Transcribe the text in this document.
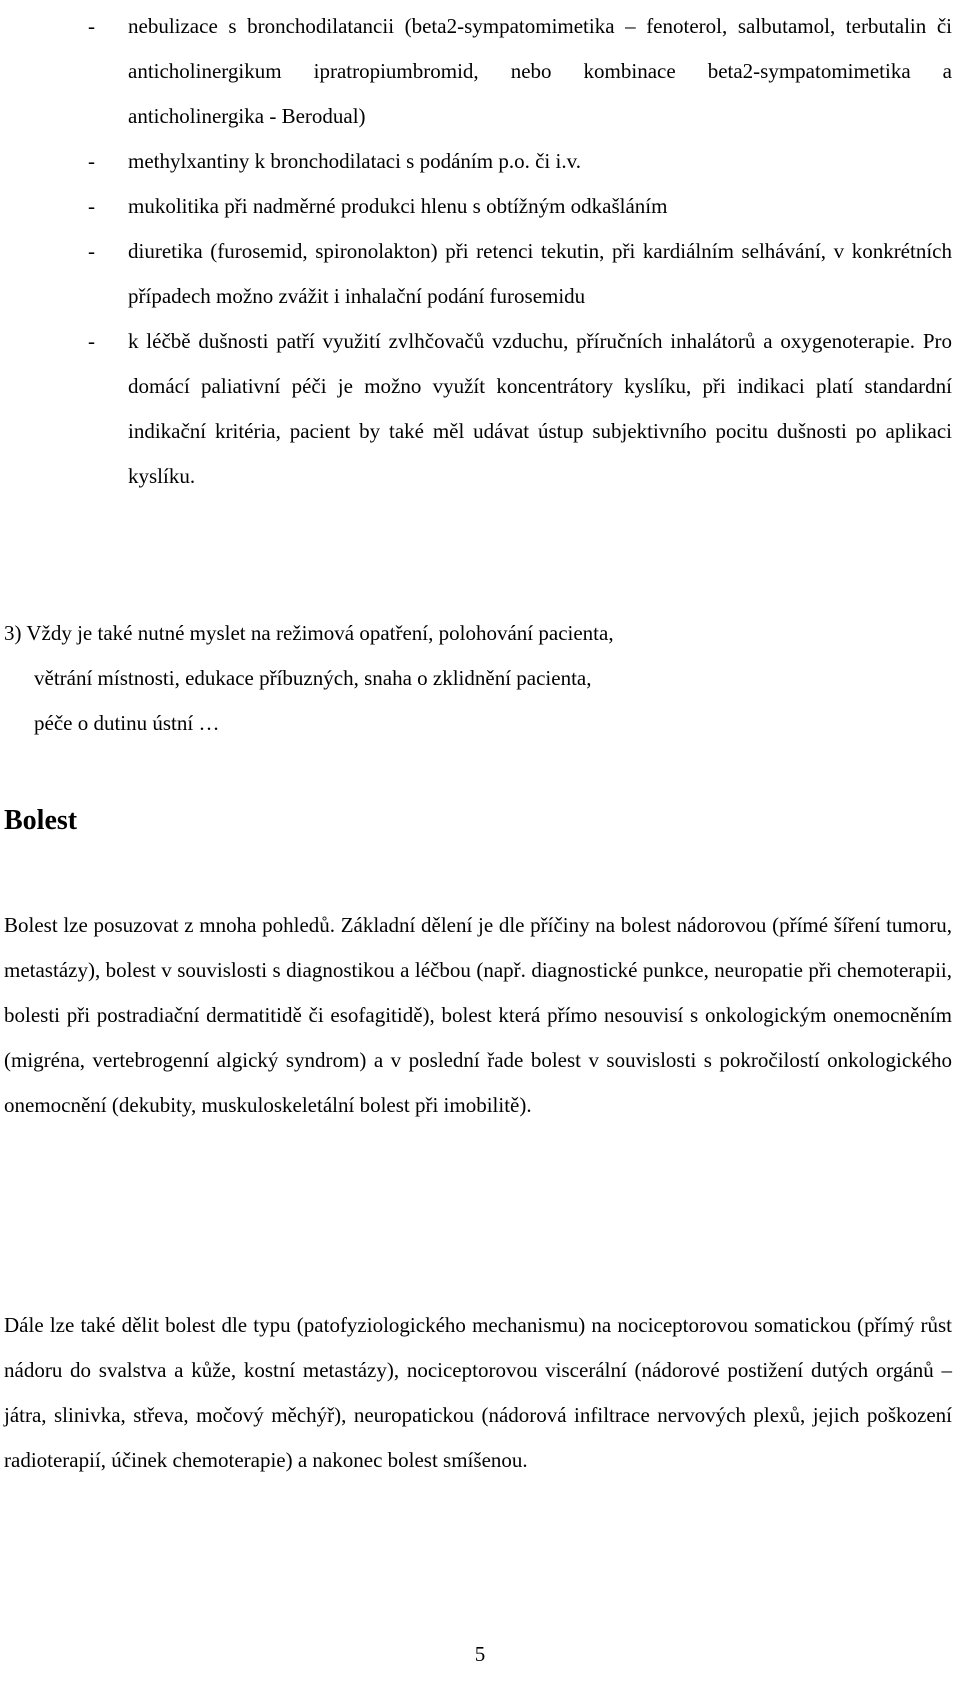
- nebulizace s bronchodilatancii (beta2-sympatomimetika – fenoterol, salbutamol, terbutalin či anticholinergikum ipratropiumbromid, nebo kombinace beta2-sympatomimetika a anticholinergika - Berodual)
- methylxantiny k bronchodilataci s podáním p.o. či i.v.
- mukolitika při nadměrné produkci hlenu s obtížným odkašláním
- diuretika (furosemid, spironolakton) při retenci tekutin, při kardiálním selhávání, v konkrétních případech možno zvážit i inhalační podání furosemidu
- k léčbě dušnosti patří využití zvlhčovačů vzduchu, příručních inhalátorů a oxygenoterapie. Pro domácí paliativní péči je možno využít koncentrátory kyslíku, při indikaci platí standardní indikační kritéria, pacient by také měl udávat ústup subjektivního pocitu dušnosti po aplikaci kyslíku.
3) Vždy je také nutné myslet na režimová opatření, polohování pacienta,
větrání místnosti, edukace příbuzných, snaha o zklidnění pacienta,
péče o dutinu ústní …
Bolest

Bolest lze posuzovat z mnoha pohledů. Základní dělení je dle příčiny na bolest nádorovou (přímé šíření tumoru, metastázy), bolest v souvislosti s diagnostikou a léčbou (např. diagnostické punkce, neuropatie při chemoterapii, bolesti při postradiační dermatitidě či esofagitidě), bolest která přímo nesouvisí s onkologickým onemocněním (migréna, vertebrogenní algický syndrom) a v poslední řade bolest v souvislosti s pokročilostí onkologického onemocnění (dekubity, muskuloskeletální bolest při imobilitě).

Dále lze také dělit bolest dle typu (patofyziologického mechanismu) na nociceptorovou somatickou (přímý růst nádoru do svalstva a kůže, kostní metastázy), nociceptorovou viscerální (nádorové postižení dutých orgánů – játra, slinivka, střeva, močový měchýř), neuropatickou (nádorová infiltrace nervových plexů, jejich poškození radioterapií, účinek chemoterapie) a nakonec bolest smíšenou.

5
